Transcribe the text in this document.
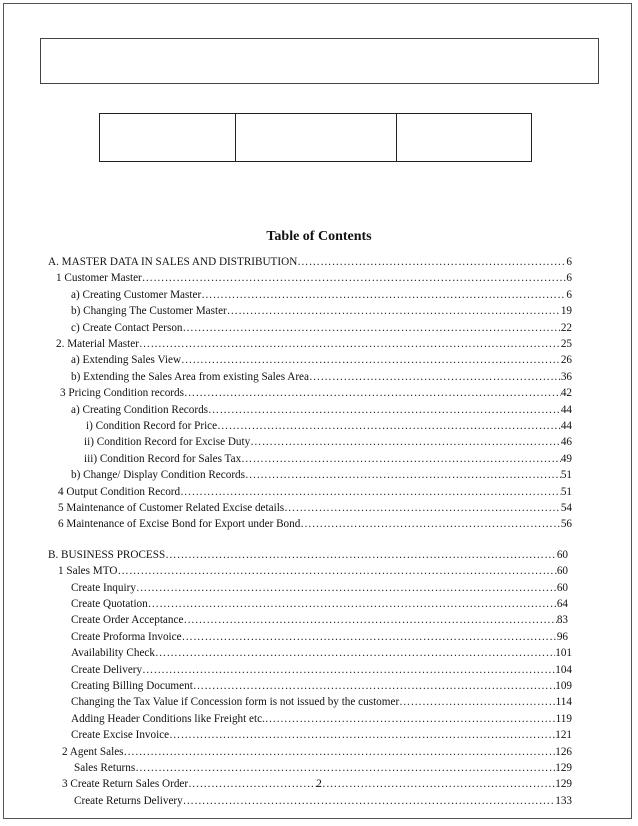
Table of Contents
A. MASTER DATA IN SALES AND DISTRIBUTION ……………………………………………………………………………………………………………………………………………………………………………………	6
1 Customer Master ……………………………………………………………………………………………………………………………………………………………………………………	6
a) Creating Customer Master ……………………………………………………………………………………………………………………………………………………………………………………	6
b) Changing The Customer Master ……………………………………………………………………………………………………………………………………………………………………………………	19
c) Create Contact Person ……………………………………………………………………………………………………………………………………………………………………………………	22
2. Material Master ……………………………………………………………………………………………………………………………………………………………………………………	25
a) Extending Sales View ……………………………………………………………………………………………………………………………………………………………………………………	26
b) Extending the Sales Area from existing Sales Area ……………………………………………………………………………………………………………………………………………………………………………………	36
3 Pricing Condition records ……………………………………………………………………………………………………………………………………………………………………………………	42
a) Creating Condition Records ……………………………………………………………………………………………………………………………………………………………………………………	44
i) Condition Record for Price ……………………………………………………………………………………………………………………………………………………………………………………	44
ii) Condition Record for Excise Duty ……………………………………………………………………………………………………………………………………………………………………………………	46
iii) Condition Record for Sales Tax ……………………………………………………………………………………………………………………………………………………………………………………	49
b) Change/ Display Condition Records ……………………………………………………………………………………………………………………………………………………………………………………	51
4 Output Condition Record ……………………………………………………………………………………………………………………………………………………………………………………	51
5 Maintenance of Customer Related Excise details ……………………………………………………………………………………………………………………………………………………………………………………	54
6 Maintenance of Excise Bond for Export under Bond ……………………………………………………………………………………………………………………………………………………………………………………	56
B. BUSINESS PROCESS ……………………………………………………………………………………………………………………………………………………………………………………	60
1 Sales MTO ……………………………………………………………………………………………………………………………………………………………………………………	60
Create Inquiry ……………………………………………………………………………………………………………………………………………………………………………………	60
Create Quotation ……………………………………………………………………………………………………………………………………………………………………………………	64
Create Order Acceptance ……………………………………………………………………………………………………………………………………………………………………………………	83
Create Proforma Invoice ……………………………………………………………………………………………………………………………………………………………………………………	96
Availability Check ……………………………………………………………………………………………………………………………………………………………………………………	101
Create Delivery ……………………………………………………………………………………………………………………………………………………………………………………	104
Creating Billing Document ……………………………………………………………………………………………………………………………………………………………………………………	109
Changing the Tax Value if Concession form is not issued by the customer ……………………………………………………………………………………………………………………………………………………………………………………	114
Adding Header Conditions like Freight etc. ……………………………………………………………………………………………………………………………………………………………………………………	119
Create Excise Invoice ……………………………………………………………………………………………………………………………………………………………………………………	121
2 Agent Sales ……………………………………………………………………………………………………………………………………………………………………………………	126
Sales Returns ……………………………………………………………………………………………………………………………………………………………………………………	129
3 Create Return Sales Order ……………………………………………………………………………………………………………………………………………………………………………………	129
Create Returns Delivery ……………………………………………………………………………………………………………………………………………………………………………………	133
2
